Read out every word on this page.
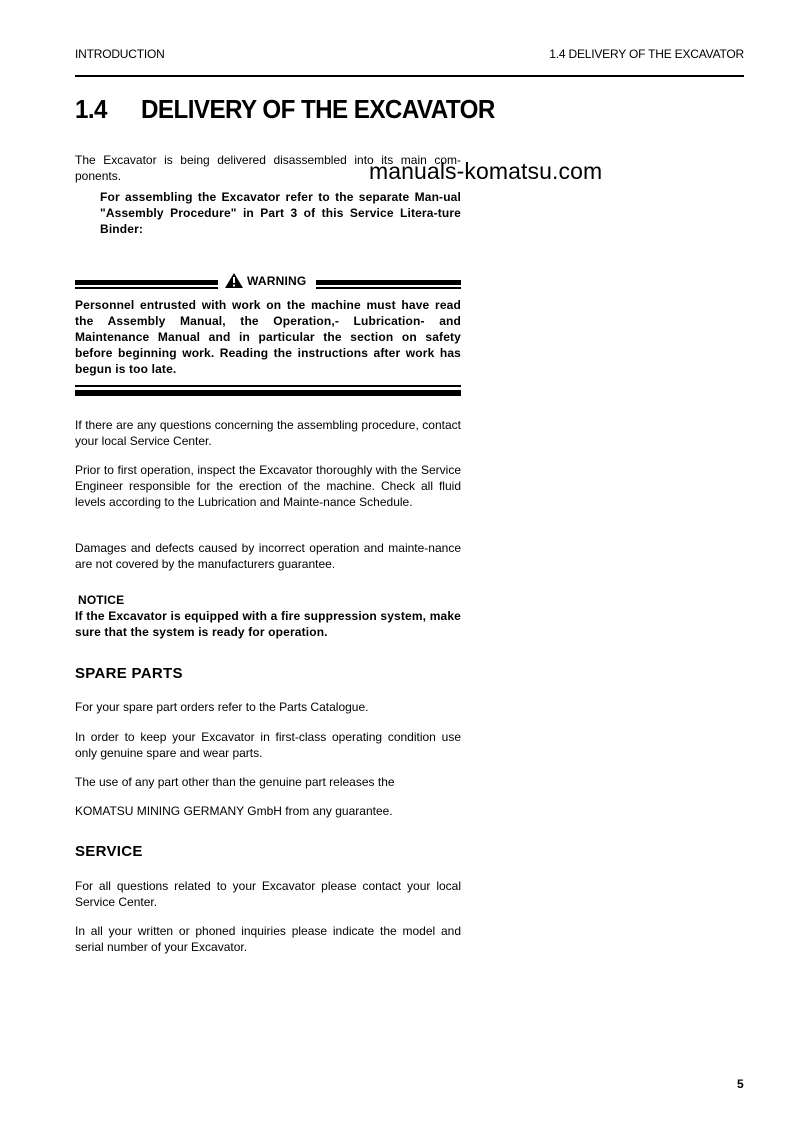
INTRODUCTION	1.4 DELIVERY OF THE EXCAVATOR
1.4 DELIVERY OF THE EXCAVATOR

The Excavator is being delivered disassembled into its main com-ponents.

For assembling the Excavator refer to the separate Man-ual "Assembly Procedure" in Part 3 of this Service Litera-ture Binder:

manuals-komatsu.com
WARNING

Personnel entrusted with work on the machine must have read the Assembly Manual, the Operation,- Lubrication- and Maintenance Manual and in particular the section on safety before beginning work. Reading the instructions after work has begun is too late.

If there are any questions concerning the assembling procedure, contact your local Service Center.

Prior to first operation, inspect the Excavator thoroughly with the Service Engineer responsible for the erection of the machine. Check all fluid levels according to the Lubrication and Mainte-nance Schedule.

Damages and defects caused by incorrect operation and mainte-nance are not covered by the manufacturers guarantee.

NOTICE

If the Excavator is equipped with a fire suppression system, make sure that the system is ready for operation.

SPARE PARTS

For your spare part orders refer to the Parts Catalogue.

In order to keep your Excavator in first-class operating condition use only genuine spare and wear parts.

The use of any part other than the genuine part releases the

KOMATSU MINING GERMANY GmbH from any guarantee.

SERVICE

For all questions related to your Excavator please contact your local Service Center.

In all your written or phoned inquiries please indicate the model and serial number of your Excavator.

5
